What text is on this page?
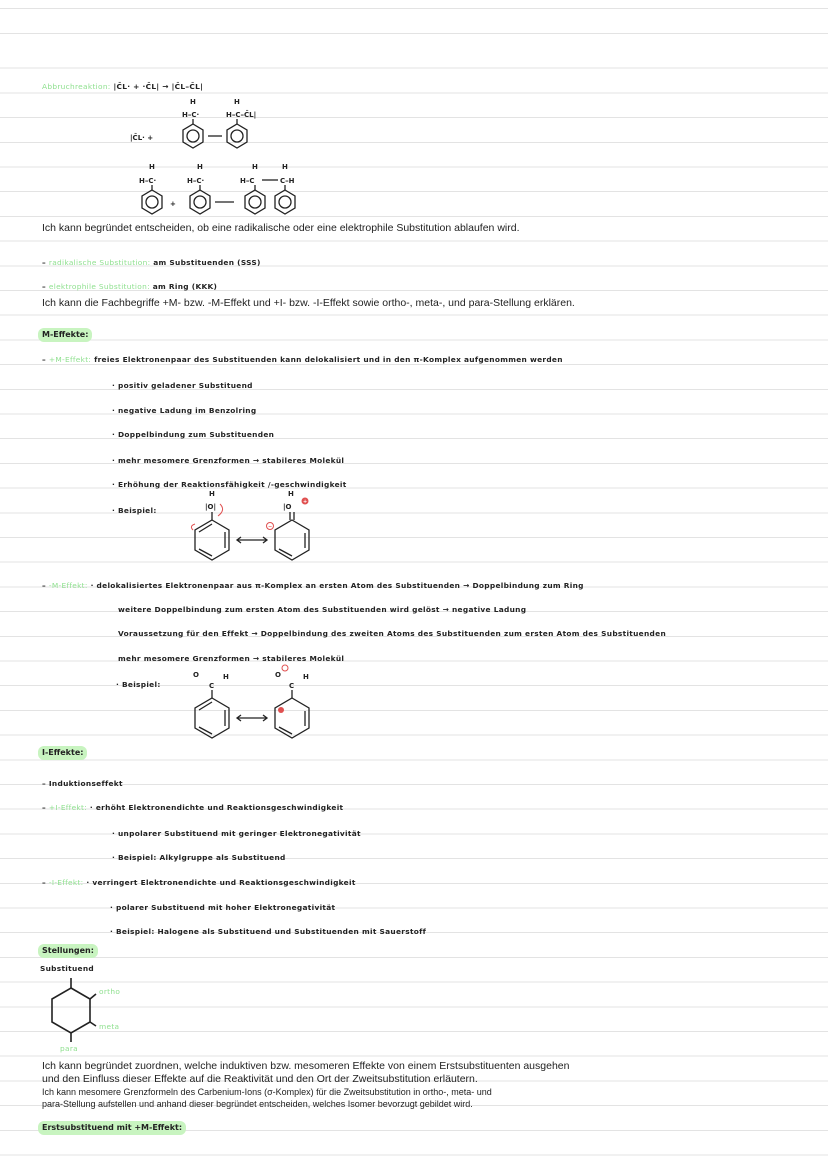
Abbruchreaktion: |C̄L· + ·C̄L| → |C̄L–C̄L|
|C̄L· +
H
H–C·
H
H–C–C̄L|
H
H–C·
H
H–C·
+
H
H–C
H
C–H
Ich kann begründet entscheiden, ob eine radikalische oder eine elektrophile Substitution ablaufen wird.
– radikalische Substitution: am Substituenden (SSS)
– elektrophile Substitution: am Ring (KKK)
Ich kann die Fachbegriffe +M- bzw. -M-Effekt und +I- bzw. -I-Effekt sowie ortho-, meta-, und para-Stellung erklären.
M-Effekte:
– +M-Effekt: freies Elektronenpaar des Substituenden kann delokalisiert und in den π-Komplex aufgenommen werden
· positiv geladener Substituend
· negative Ladung im Benzolring
· Doppelbindung zum Substituenden
· mehr mesomere Grenzformen → stabileres Molekül
· Erhöhung der Reaktionsfähigkeit /-geschwindigkeit
· Beispiel:
H
|O|
H
|O
+
−
– -M-Effekt: · delokalisiertes Elektronenpaar aus π-Komplex an ersten Atom des Substituenden → Doppelbindung zum Ring
weitere Doppelbindung zum ersten Atom des Substituenden wird gelöst → negative Ladung
Voraussetzung für den Effekt → Doppelbindung des zweiten Atoms des Substituenden zum ersten Atom des Substituenden
mehr mesomere Grenzformen → stabileres Molekül
· Beispiel:
O
C
H	O
C
H
I-Effekte:
– Induktionseffekt
– +I-Effekt: · erhöht Elektronendichte und Reaktionsgeschwindigkeit
· unpolarer Substituend mit geringer Elektronegativität
· Beispiel: Alkylgruppe als Substituend
– -I-Effekt: · verringert Elektronendichte und Reaktionsgeschwindigkeit
· polarer Substituend mit hoher Elektronegativität
· Beispiel: Halogene als Substituend und Substituenden mit Sauerstoff
Stellungen:
Substituend
ortho
meta
para
Ich kann begründet zuordnen, welche induktiven bzw. mesomeren Effekte von einem Erstsubstituenten ausgehen
und den Einfluss dieser Effekte auf die Reaktivität und den Ort der Zweitsubstitution erläutern.
Ich kann mesomere Grenzformeln des Carbenium-Ions (σ-Komplex) für die Zweitsubstitution in ortho-, meta- und
para-Stellung aufstellen und anhand dieser begründet entscheiden, welches Isomer bevorzugt gebildet wird.
Erstsubstituend mit +M-Effekt:
